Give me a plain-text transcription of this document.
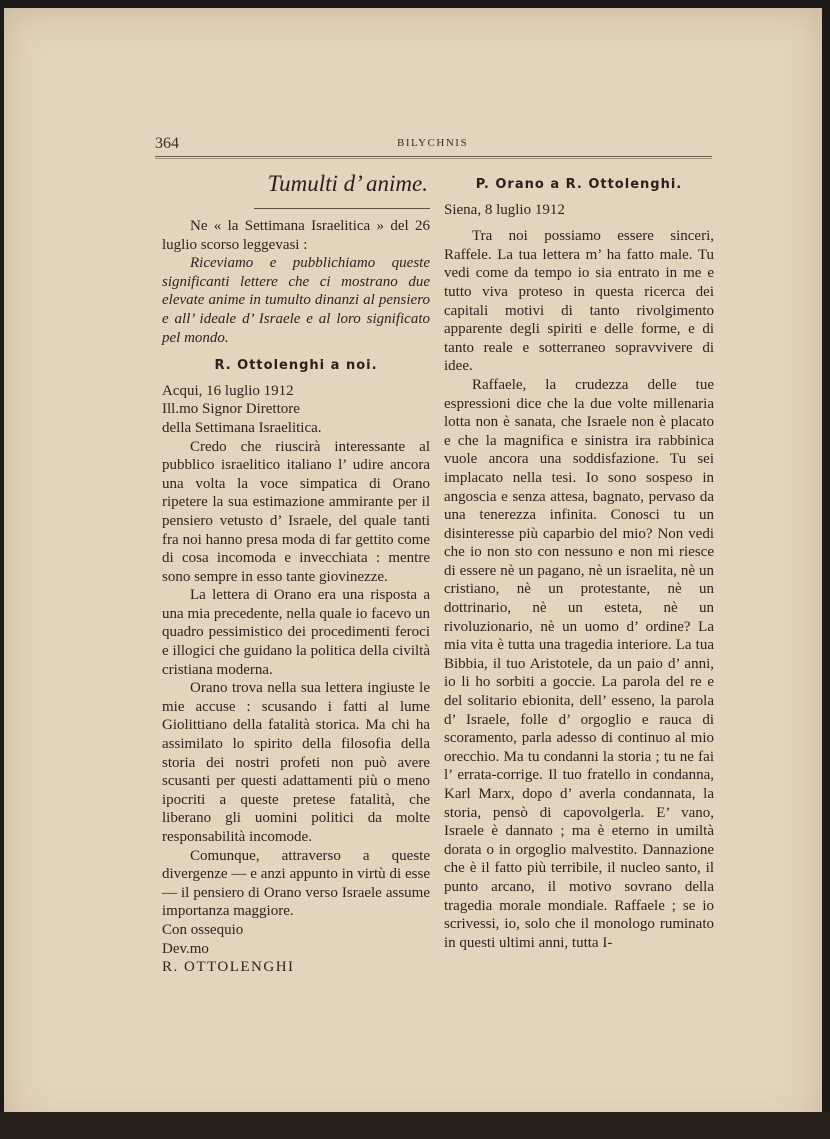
364	BILYCHNIS
Tumulti d’ anime.

Ne « la Settimana Israelitica » del 26 luglio scorso leggevasi :

Riceviamo e pubblichiamo queste significanti lettere che ci mostrano due elevate anime in tumulto dinanzi al pensiero e all’ ideale d’ Israele e al loro significato pel mondo.

R. Ottolenghi a noi.

Acqui, 16 luglio 1912

Ill.mo Signor Direttore

della Settimana Israelitica.

Credo che riuscirà interessante al pubblico israelitico italiano l’ udire ancora una volta la voce simpatica di Orano ripetere la sua estimazione ammirante per il pensiero vetusto d’ Israele, del quale tanti fra noi hanno presa moda di far gettito come di cosa incomoda e invecchiata : mentre sono sempre in esso tante giovinezze.

La lettera di Orano era una risposta a una mia precedente, nella quale io facevo un quadro pessimistico dei procedimenti feroci e illogici che guidano la politica della civiltà cristiana moderna.

Orano trova nella sua lettera ingiuste le mie accuse : scusando i fatti al lume Giolittiano della fatalità storica. Ma chi ha assimilato lo spirito della filosofia della storia dei nostri profeti non può avere scusanti per questi adattamenti più o meno ipocriti a queste pretese fatalità, che liberano gli uomini politici da molte responsabilità incomode.

Comunque, attraverso a queste divergenze — e anzi appunto in virtù di esse — il pensiero di Orano verso Israele assume importanza maggiore.

Con ossequio

Dev.mo

R. OTTOLENGHI

P. Orano a R. Ottolenghi.

Siena, 8 luglio 1912

Tra noi possiamo essere sinceri, Raffele. La tua lettera m’ ha fatto male. Tu vedi come da tempo io sia entrato in me e tutto viva proteso in questa ricerca dei capitali motivi di tanto rivolgimento apparente degli spiriti e delle forme, e di tanto reale e sotterraneo sopravvivere di idee.

Raffaele, la crudezza delle tue espressioni dice che la due volte millenaria lotta non è sanata, che Israele non è placato e che la magnifica e sinistra ira rabbinica vuole ancora una soddisfazione. Tu sei implacato nella tesi. Io sono sospeso in angoscia e senza attesa, bagnato, pervaso da una tenerezza infinita. Conosci tu un disinteresse più caparbio del mio? Non vedi che io non sto con nessuno e non mi riesce di essere nè un pagano, nè un israelita, nè un cristiano, nè un protestante, nè un dottrinario, nè un esteta, nè un rivoluzionario, nè un uomo d’ ordine? La mia vita è tutta una tragedia interiore. La tua Bibbia, il tuo Aristotele, da un paio d’ anni, io li ho sorbiti a goccie. La parola del re e del solitario ebionita, dell’ esseno, la parola d’ Israele, folle d’ orgoglio e rauca di scoramento, parla adesso di continuo al mio orecchio. Ma tu condanni la storia ; tu ne fai l’ errata-corrige. Il tuo fratello in condanna, Karl Marx, dopo d’ averla condannata, la storia, pensò di capovolgerla. E’ vano, Israele è dannato ; ma è eterno in umiltà dorata o in orgoglio malvestito. Dannazione che è il fatto più terribile, il nucleo santo, il punto arcano, il motivo sovrano della tragedia morale mondiale. Raffaele ; se io scrivessi, io, solo che il monologo ruminato in questi ultimi anni, tutta I-
